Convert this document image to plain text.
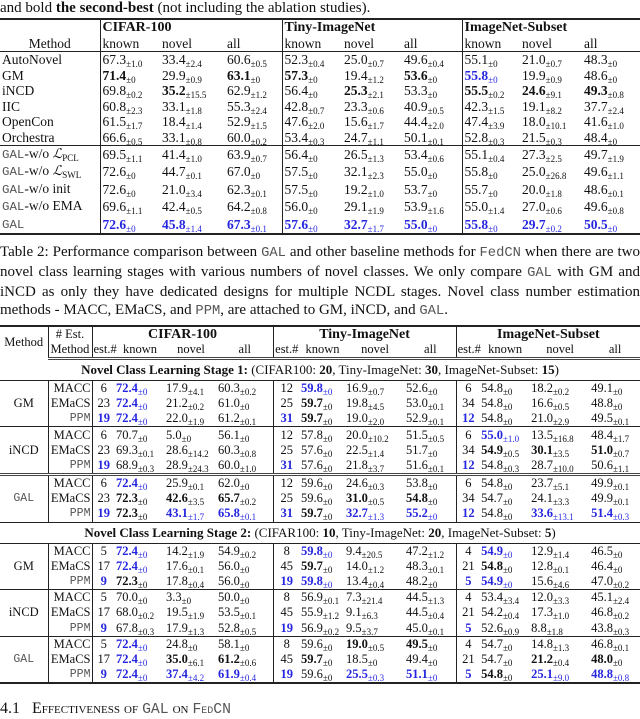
and bold the second-best (not including the ablation studies).
	CIFAR-100			Tiny-ImageNet			ImageNet-Subset		
Method	known	novel	all	known	novel	all	known	novel	all
AutoNovel	$67.3_{\pm 1.0}$	$33.4_{\pm 2.4}$	$60.6_{\pm 0.5}$	$52.3_{\pm 0.4}$	$25.0_{\pm 0.7}$	$49.6_{\pm 0.4}$	$55.1_{\pm 0}$	$21.0_{\pm 0.7}$	$48.3_{\pm 0}$
GM	$71.4_{\pm 0}$	$29.9_{\pm 0.9}$	$63.1_{\pm 0}$	$57.3_{\pm 0}$	$19.4_{\pm 1.2}$	$53.6_{\pm 0}$	$55.8_{\pm 0}$	$19.9_{\pm 0.9}$	$48.6_{\pm 0}$
iNCD	$69.8_{\pm 0.2}$	$35.2_{\pm 15.5}$	$62.9_{\pm 1.2}$	$56.4_{\pm 0}$	$25.3_{\pm 2.1}$	$53.3_{\pm 0}$	$55.5_{\pm 0.2}$	$24.6_{\pm 9.1}$	$49.3_{\pm 0.8}$
IIC	$60.8_{\pm 2.3}$	$33.1_{\pm 1.8}$	$55.3_{\pm 2.4}$	$42.8_{\pm 0.7}$	$23.3_{\pm 0.6}$	$40.9_{\pm 0.5}$	$42.3_{\pm 1.5}$	$19.1_{\pm 8.2}$	$37.7_{\pm 2.4}$
OpenCon	$61.5_{\pm 1.7}$	$18.4_{\pm 1.4}$	$52.9_{\pm 1.5}$	$47.6_{\pm 2.0}$	$15.6_{\pm 1.7}$	$44.4_{\pm 2.0}$	$47.4_{\pm 3.9}$	$18.0_{\pm 10.1}$	$41.6_{\pm 1.0}$
Orchestra	$66.6_{\pm 0.5}$	$33.1_{\pm 0.8}$	$60.0_{\pm 0.2}$	$53.4_{\pm 0.3}$	$24.7_{\pm 1.1}$	$50.1_{\pm 0.1}$	$52.8_{\pm 0.3}$	$21.5_{\pm 0.3}$	$48.4_{\pm 0}$
GAL-w/o ℒ$_{PCL}$	$69.5_{\pm 1.1}$	$41.4_{\pm 1.0}$	$63.9_{\pm 0.7}$	$56.4_{\pm 0}$	$26.5_{\pm 1.3}$	$53.4_{\pm 0.6}$	$55.1_{\pm 0.4}$	$27.3_{\pm 2.5}$	$49.7_{\pm 1.9}$
GAL-w/o ℒ$_{SWL}$	$72.6_{\pm 0}$	$44.7_{\pm 0.1}$	$67.0_{\pm 0}$	$57.5_{\pm 0}$	$32.1_{\pm 2.3}$	$55.0_{\pm 0}$	$55.8_{\pm 0}$	$25.0_{\pm 26.8}$	$49.6_{\pm 1.1}$
GAL-w/o init	$72.6_{\pm 0}$	$21.0_{\pm 3.4}$	$62.3_{\pm 0.1}$	$57.5_{\pm 0}$	$19.2_{\pm 1.0}$	$53.7_{\pm 0}$	$55.7_{\pm 0}$	$20.0_{\pm 1.8}$	$48.6_{\pm 0.1}$
GAL-w/o EMA	$69.6_{\pm 1.1}$	$42.4_{\pm 0.5}$	$64.2_{\pm 0.8}$	$56.0_{\pm 0}$	$29.1_{\pm 1.9}$	$53.9_{\pm 1.6}$	$55.0_{\pm 1.4}$	$27.0_{\pm 0.6}$	$49.6_{\pm 0.8}$
GAL	$72.6_{\pm 0}$	$45.8_{\pm 1.4}$	$67.3_{\pm 0.1}$	$57.6_{\pm 0}$	$32.7_{\pm 1.7}$	$55.0_{\pm 0}$	$55.8_{\pm 0}$	$29.7_{\pm 0.2}$	$50.5_{\pm 0}$
Table 2: Performance comparison between GAL and other baseline methods for FedCN when there are two novel class learning stages with various numbers of novel classes. We only compare GAL with GM and iNCD as only they have dedicated designs for multiple NCDL stages. Novel class number estimation methods - MACC, EMaCS, and PPM, are attached to GM, iNCD, and GAL.
Method	# Est.	CIFAR-100				Tiny-ImageNet				ImageNet-Subset			
	Method	est.#	known	novel	all	est.#	known	novel	all	est.#	known	novel	all
Novel Class Learning Stage 1: (CIFAR100: 20, Tiny-ImageNet: 30, ImageNet-Subset: 15)													
GM	MACC	6	$72.4_{\pm 0}$	$17.9_{\pm 4.1}$	$60.3_{\pm 0.2}$	12	$59.8_{\pm 0}$	$16.9_{\pm 0.7}$	$52.6_{\pm 0}$	6	$54.8_{\pm 0}$	$18.2_{\pm 0.2}$	$49.1_{\pm 0}$
	EMaCS	23	$72.4_{\pm 0}$	$21.2_{\pm 0.2}$	$61.0_{\pm 0}$	25	$59.7_{\pm 0}$	$19.8_{\pm 4.5}$	$53.0_{\pm 0.1}$	34	$54.8_{\pm 0}$	$16.6_{\pm 0.5}$	$48.8_{\pm 0}$
	PPM	19	$72.4_{\pm 0}$	$22.0_{\pm 1.9}$	$61.2_{\pm 0.1}$	31	$59.7_{\pm 0}$	$19.0_{\pm 2.0}$	$52.9_{\pm 0.1}$	12	$54.8_{\pm 0}$	$21.0_{\pm 2.9}$	$49.5_{\pm 0.1}$
iNCD	MACC	6	$70.7_{\pm 0}$	$5.0_{\pm 0}$	$56.1_{\pm 0}$	12	$57.8_{\pm 0}$	$20.0_{\pm 10.2}$	$51.5_{\pm 0.5}$	6	$55.0_{\pm 1.0}$	$13.5_{\pm 16.8}$	$48.4_{\pm 1.7}$
	EMaCS	23	$69.3_{\pm 0.1}$	$28.6_{\pm 14.2}$	$60.3_{\pm 0.8}$	25	$57.6_{\pm 0}$	$22.5_{\pm 1.4}$	$51.7_{\pm 0}$	34	$54.9_{\pm 0.5}$	$30.1_{\pm 3.5}$	$51.0_{\pm 0.7}$
	PPM	19	$68.9_{\pm 0.3}$	$28.9_{\pm 24.3}$	$60.0_{\pm 1.0}$	31	$57.6_{\pm 0}$	$21.8_{\pm 3.7}$	$51.6_{\pm 0.1}$	12	$54.8_{\pm 0.3}$	$28.7_{\pm 10.0}$	$50.6_{\pm 1.1}$
GAL	MACC	6	$72.4_{\pm 0}$	$25.9_{\pm 0.1}$	$62.0_{\pm 0}$	12	$59.6_{\pm 0}$	$24.6_{\pm 0.3}$	$53.8_{\pm 0}$	6	$54.8_{\pm 0}$	$23.7_{\pm 5.1}$	$49.9_{\pm 0.1}$
	EMaCS	23	$72.3_{\pm 0}$	$42.6_{\pm 3.5}$	$65.7_{\pm 0.2}$	25	$59.6_{\pm 0}$	$31.0_{\pm 0.5}$	$54.8_{\pm 0}$	34	$54.7_{\pm 0}$	$24.1_{\pm 3.3}$	$49.9_{\pm 0.1}$
	PPM	19	$72.3_{\pm 0}$	$43.1_{\pm 1.7}$	$65.8_{\pm 0.1}$	31	$59.7_{\pm 0}$	$32.7_{\pm 1.3}$	$55.2_{\pm 0}$	12	$54.8_{\pm 0}$	$33.6_{\pm 13.1}$	$51.4_{\pm 0.3}$
Novel Class Learning Stage 2: (CIFAR100: 10, Tiny-ImageNet: 20, ImageNet-Subset: 5)													
GM	MACC	5	$72.4_{\pm 0}$	$14.2_{\pm 1.9}$	$54.9_{\pm 0.2}$	8	$59.8_{\pm 0}$	$9.4_{\pm 20.5}$	$47.2_{\pm 1.2}$	4	$54.9_{\pm 0}$	$12.9_{\pm 1.4}$	$46.5_{\pm 0}$
	EMaCS	17	$72.4_{\pm 0}$	$17.6_{\pm 0.1}$	$56.0_{\pm 0}$	45	$59.7_{\pm 0}$	$14.0_{\pm 1.2}$	$48.3_{\pm 0.1}$	21	$54.8_{\pm 0}$	$12.8_{\pm 0.1}$	$46.4_{\pm 0}$
	PPM	9	$72.3_{\pm 0}$	$17.8_{\pm 0.4}$	$56.0_{\pm 0}$	19	$59.8_{\pm 0}$	$13.4_{\pm 0.4}$	$48.2_{\pm 0}$	5	$54.9_{\pm 0}$	$15.6_{\pm 4.6}$	$47.0_{\pm 0.2}$
iNCD	MACC	5	$70.0_{\pm 0}$	$3.3_{\pm 0}$	$50.0_{\pm 0}$	8	$56.9_{\pm 0.1}$	$7.3_{\pm 21.4}$	$44.5_{\pm 1.3}$	4	$53.4_{\pm 3.4}$	$12.0_{\pm 3.3}$	$45.1_{\pm 2.4}$
	EMaCS	17	$68.0_{\pm 0.2}$	$19.5_{\pm 1.9}$	$53.5_{\pm 0.1}$	45	$55.9_{\pm 1.2}$	$9.1_{\pm 6.3}$	$44.5_{\pm 0.4}$	21	$54.2_{\pm 0.4}$	$17.3_{\pm 1.0}$	$46.8_{\pm 0.2}$
	PPM	9	$67.8_{\pm 0.3}$	$17.9_{\pm 1.3}$	$52.8_{\pm 0.5}$	19	$56.9_{\pm 0.2}$	$9.5_{\pm 3.7}$	$45.0_{\pm 0.1}$	5	$52.6_{\pm 0.9}$	$8.8_{\pm 1.8}$	$43.8_{\pm 0.3}$
GAL	MACC	5	$72.4_{\pm 0}$	$24.8_{\pm 0}$	$58.1_{\pm 0}$	8	$59.6_{\pm 0}$	$19.0_{\pm 0.5}$	$49.5_{\pm 0}$	4	$54.7_{\pm 0}$	$14.8_{\pm 1.3}$	$46.8_{\pm 0.1}$
	EMaCS	17	$72.4_{\pm 0}$	$35.0_{\pm 6.1}$	$61.2_{\pm 0.6}$	45	$59.7_{\pm 0}$	$18.5_{\pm 0}$	$49.4_{\pm 0}$	21	$54.7_{\pm 0}$	$21.2_{\pm 0.4}$	$48.0_{\pm 0}$
	PPM	9	$72.4_{\pm 0}$	$37.4_{\pm 4.2}$	$61.9_{\pm 0.4}$	19	$59.6_{\pm 0}$	$25.5_{\pm 0.3}$	$51.1_{\pm 0}$	5	$54.8_{\pm 0}$	$25.1_{\pm 9.0}$	$48.8_{\pm 0.8}$
4.1 Effectiveness of GAL on FedCN
